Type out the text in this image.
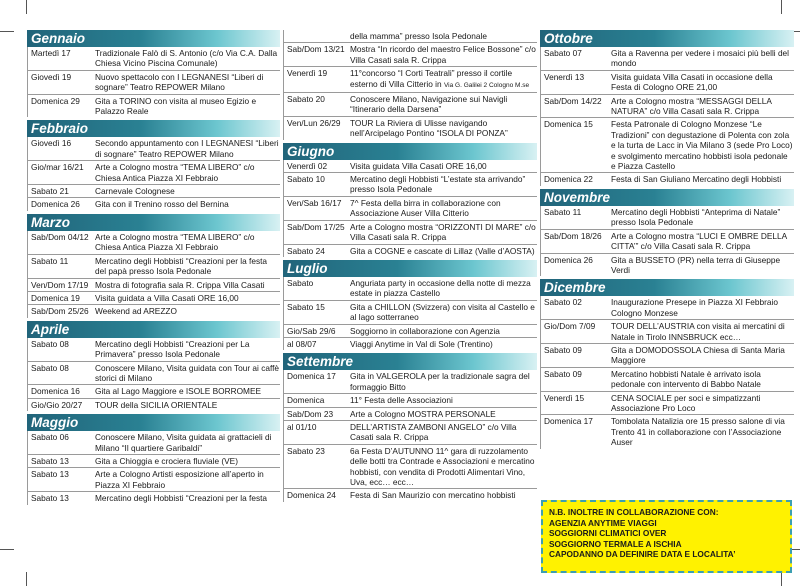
Gennaio
Martedì 17	Tradizionale Falò di S. Antonio (c/o Via C.A. Dalla Chiesa Vicino Piscina Comunale)
Giovedì 19	Nuovo spettacolo con I LEGNANESI “Liberi di sognare” Teatro REPOWER Milano
Domenica 29	Gita a TORINO con visita al museo Egizio e Palazzo Reale
Febbraio
Giovedì 16	Secondo appuntamento con I LEGNANESI “Liberi di sognare” Teatro REPOWER Milano
Gio/mar 16/21	Arte a Cologno mostra “TEMA LIBERO” c/o Chiesa Antica Piazza XI Febbraio
Sabato 21	Carnevale Colognese
Domenica 26	Gita con il Trenino rosso del Bernina
Marzo
Sab/Dom 04/12 Arte a Cologno mostra “TEMA LIBERO” c/o Chiesa Antica Piazza XI Febbraio
Sabato 11	Mercatino degli Hobbisti “Creazioni per la festa del papà presso Isola Pedonale
Ven/Dom 17/19 Mostra di fotografia sala R. Crippa Villa Casati
Domenica 19	Visita guidata a Villa Casati ORE 16,00
Sab/Dom 25/26 Weekend ad AREZZO
Aprile
Sabato 08	Mercatino degli Hobbisti “Creazioni per La Primavera” presso Isola Pedonale
Sabato 08	Conoscere Milano, Visita guidata con Tour ai caffè storici di Milano
Domenica 16	Gita al Lago Maggiore e ISOLE BORROMEE
Gio/Gio 20/27	TOUR della SICILIA ORIENTALE
Maggio
Sabato 06	Conoscere Milano, Visita guidata ai grattacieli di Milano “Il quartiere Garibaldi”
Sabato 13	Gita a Chioggia e crociera fluviale (VE)
Sabato 13	Arte a Cologno Artisti esposizione all’aperto in Piazza XI Febbraio
Sabato 13	Mercatino degli Hobbisti “Creazioni per la festa
della mamma” presso Isola Pedonale
Sab/Dom 13/21 Mostra “In ricordo del maestro Felice Bossone” c/o Villa Casati sala R. Crippa
Venerdì 19	11°concorso “I Corti Teatrali” presso il cortile esterno di Villa Citterio in Via G. Galilei 2 Cologno M.se
Sabato 20	Conoscere Milano, Navigazione sui Navigli “Itinerario della Darsena”
Ven/Lun 26/29	TOUR La Riviera di Ulisse navigando nell’Arcipelago Pontino “ISOLA DI PONZA”
Giugno
Venerdì 02	Visita guidata Villa Casati ORE 16,00
Sabato 10	Mercatino degli Hobbisti “L’estate sta arrivando” presso Isola Pedonale
Ven/Sab 16/17	7^ Festa della birra in collaborazione con Associazione Auser Villa Citterio
Sab/Dom 17/25 Arte a Cologno mostra “ORIZZONTI DI MARE” c/o Villa Casati sala R. Crippa
Sabato 24	Gita a COGNE e cascate di Lillaz (Valle d’AOSTA)
Luglio
Sabato	Anguriata party in occasione della notte di mezza estate in piazza Castello
Sabato 15	Gita a CHILLON (Svizzera) con visita al Castello e al lago sotterraneo
Gio/Sab 29/6	Soggiorno in collaborazione con Agenzia
al 08/07	Viaggi Anytime in Val di Sole (Trentino)
Settembre
Domenica 17	Gita in VALGEROLA per la tradizionale sagra del formaggio Bitto
Domenica	11° Festa delle Associazioni
Sab/Dom 23	Arte a Cologno MOSTRA PERSONALE
al 01/10	DELL’ARTISTA ZAMBONI ANGELO” c/o Villa Casati sala R. Crippa
Sabato 23	6a Festa D’AUTUNNO 11^ gara di ruzzolamento delle botti tra Contrade e Associazioni e mercatino hobbisti, con vendita di Prodotti Alimentari Vino, Uva, ecc… ecc…
Domenica 24	Festa di San Maurizio con mercatino hobbisti
Ottobre
Sabato 07	Gita a Ravenna per vedere i mosaici più belli del mondo
Venerdì 13	Visita guidata Villa Casati in occasione della Festa di Cologno ORE 21,00
Sab/Dom 14/22	Arte a Cologno mostra “MESSAGGI DELLA NATURA” c/o Villa Casati sala R. Crippa
Domenica 15	Festa Patronale di Cologno Monzese “Le Tradizioni” con degustazione di Polenta con zola e la turta de Lacc in Via Milano 3 (sede Pro Loco) e svolgimento mercatino hobbisti isola pedonale e Piazza Castello
Domenica 22	Festa di San Giuliano Mercatino degli Hobbisti
Novembre
Sabato 11	Mercatino degli Hobbisti “Anteprima di Natale” presso Isola Pedonale
Sab/Dom 18/26	Arte a Cologno mostra “LUCI E OMBRE DELLA CITTA’” c/o Villa Casati sala R. Crippa
Domenica 26	Gita a BUSSETO (PR) nella terra di Giuseppe Verdi
Dicembre
Sabato 02	Inaugurazione Presepe in Piazza XI Febbraio Cologno Monzese
Gio/Dom 7/09	TOUR DELL’AUSTRIA con visita ai mercatini di Natale in Tirolo INNSBRUCK ecc…
Sabato 09	Gita a DOMODOSSOLA Chiesa di Santa Maria Maggiore
Sabato 09	Mercatino hobbisti Natale è arrivato isola pedonale con intervento di Babbo Natale
Venerdì 15	CENA SOCIALE per soci e simpatizzanti Associazione Pro Loco
Domenica 17	Tombolata Natalizia ore 15 presso salone di via Trento 41 in collaborazione con l’Associazione Auser
N.B. INOLTRE IN COLLABORAZIONE CON:
AGENZIA ANYTIME VIAGGI
SOGGIORNI CLIMATICI OVER
SOGGIORNO TERMALE A ISCHIA
CAPODANNO DA DEFINIRE DATA E LOCALITA’
